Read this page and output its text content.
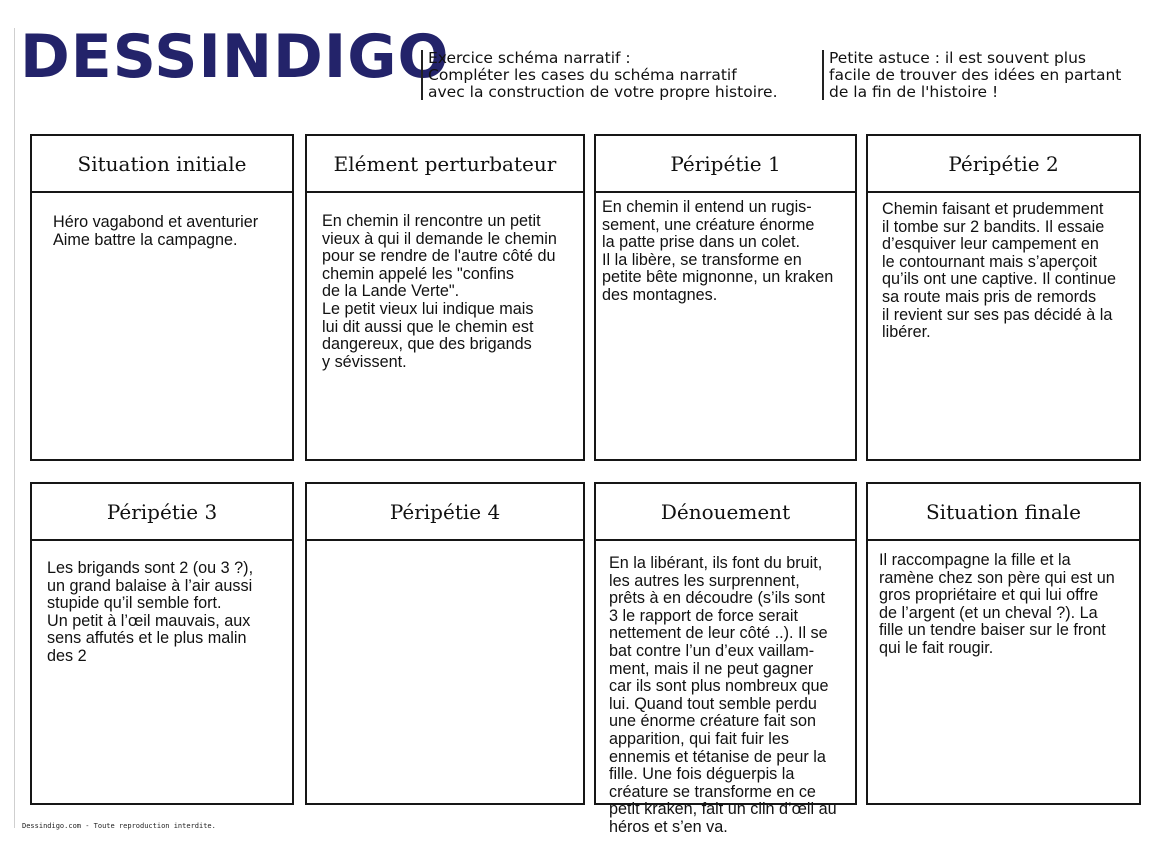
DESSINDIGO
Exercice schéma narratif :
Compléter les cases du schéma narratif
avec la construction de votre propre histoire.
Petite astuce : il est souvent plus
facile de trouver des idées en partant
de la fin de l'histoire !
Situation initiale
Héro vagabond et aventurier
Aime battre la campagne.
Elément perturbateur
En chemin il rencontre un petit
vieux à qui il demande le chemin
pour se rendre de l'autre côté du
chemin appelé les "confins
de la Lande Verte".
Le petit vieux lui indique mais
lui dit aussi que le chemin est
dangereux, que des brigands
y sévissent.
Péripétie 1
En chemin il entend un rugis-
sement, une créature énorme
la patte prise dans un colet.
Il la libère, se transforme en
petite bête mignonne, un kraken
des montagnes.
Péripétie 2
Chemin faisant et prudemment
il tombe sur 2 bandits. Il essaie
d’esquiver leur campement en
le contournant mais s’aperçoit
qu’ils ont une captive. Il continue
sa route mais pris de remords
il revient sur ses pas décidé à la
libérer.
Péripétie 3
Les brigands sont 2 (ou 3 ?),
un grand balaise à l’air aussi
stupide qu’il semble fort.
Un petit à l’œil mauvais, aux
sens affutés et le plus malin
des 2
Péripétie 4	Dénouement
En la libérant, ils font du bruit,
les autres les surprennent,
prêts à en découdre (s’ils sont
3 le rapport de force serait
nettement de leur côté ..). Il se
bat contre l’un d’eux vaillam-
ment, mais il ne peut gagner
car ils sont plus nombreux que
lui. Quand tout semble perdu
une énorme créature fait son
apparition, qui fait fuir les
ennemis et tétanise de peur la
fille. Une fois déguerpis la
créature se transforme en ce
petit kraken, fait un clin d’œil au
héros et s’en va.
Situation finale
Il raccompagne la fille et la
ramène chez son père qui est un
gros propriétaire et qui lui offre
de l’argent (et un cheval ?). La
fille un tendre baiser sur le front
qui le fait rougir.
Dessindigo.com - Toute reproduction interdite.
